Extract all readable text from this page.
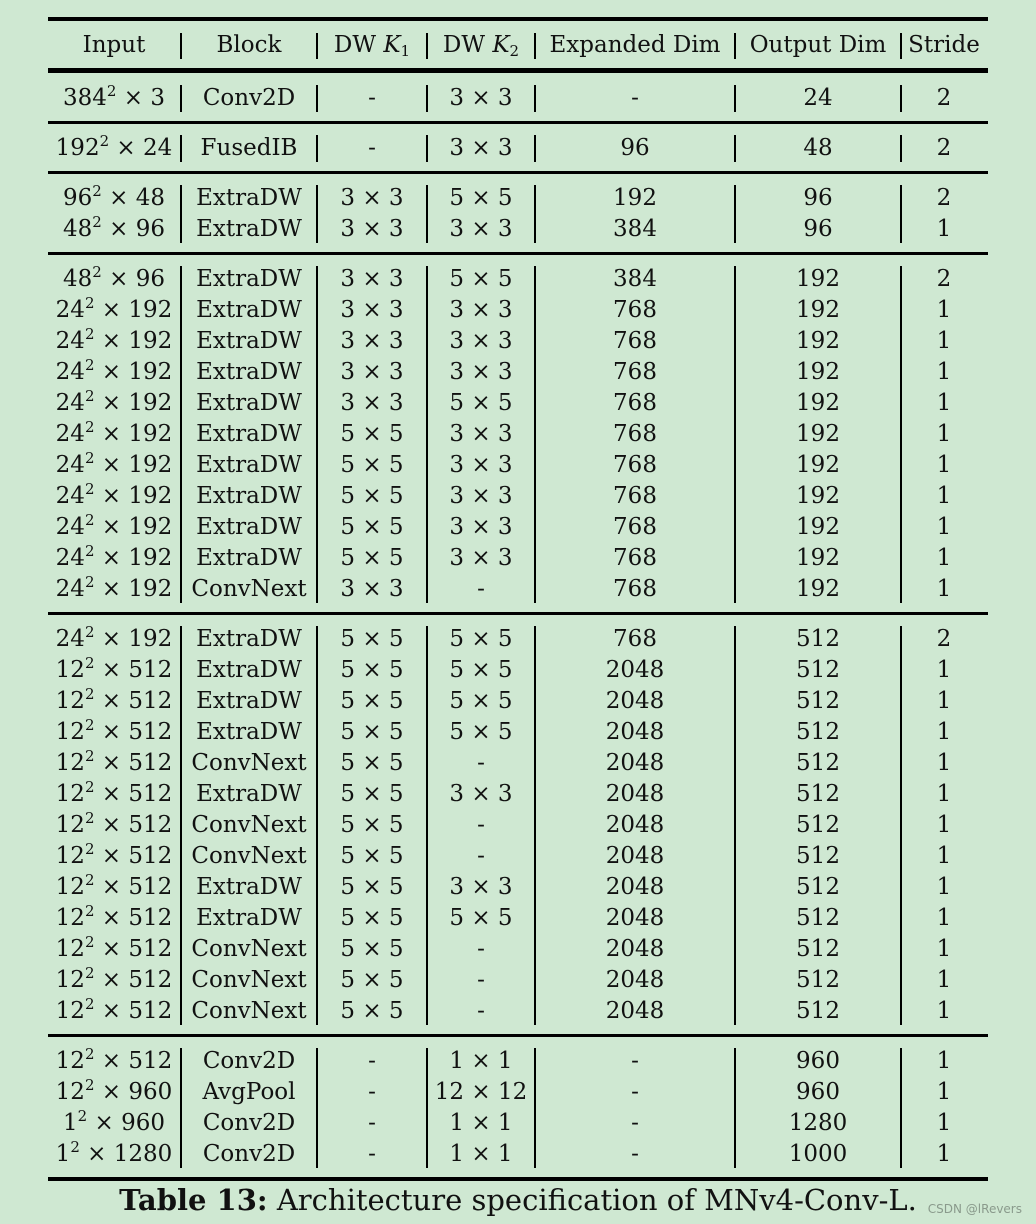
Input	Block	DW $K_1$	DW $K_2$	Expanded Dim	Output Dim Stride
$384^2 \times 3$	Conv2D	-	3 × 3	-	24	2
$192^2 \times 24$	FusedIB	-	3 × 3	96	48	2
$96^2 \times 48$	ExtraDW	3 × 3	5 × 5	192	96	2
$48^2 \times 96$	ExtraDW	3 × 3	3 × 3	384	96	1
$48^2 \times 96$	ExtraDW	3 × 3	5 × 5	384	192	2
$24^2 \times 192$	ExtraDW	3 × 3	3 × 3	768	192	1
$24^2 \times 192$	ExtraDW	3 × 3	3 × 3	768	192	1
$24^2 \times 192$	ExtraDW	3 × 3	3 × 3	768	192	1
$24^2 \times 192$	ExtraDW	3 × 3	5 × 5	768	192	1
$24^2 \times 192$	ExtraDW	5 × 5	3 × 3	768	192	1
$24^2 \times 192$	ExtraDW	5 × 5	3 × 3	768	192	1
$24^2 \times 192$	ExtraDW	5 × 5	3 × 3	768	192	1
$24^2 \times 192$	ExtraDW	5 × 5	3 × 3	768	192	1
$24^2 \times 192$	ExtraDW	5 × 5	3 × 3	768	192	1
$24^2 \times 192$ ConvNext	3 × 3	-	768	192	1
$24^2 \times 192$	ExtraDW	5 × 5	5 × 5	768	512	2
$12^2 \times 512$	ExtraDW	5 × 5	5 × 5	2048	512	1
$12^2 \times 512$	ExtraDW	5 × 5	5 × 5	2048	512	1
$12^2 \times 512$	ExtraDW	5 × 5	5 × 5	2048	512	1
$12^2 \times 512$ ConvNext	5 × 5	-	2048	512	1
$12^2 \times 512$	ExtraDW	5 × 5	3 × 3	2048	512	1
$12^2 \times 512$ ConvNext	5 × 5	-	2048	512	1
$12^2 \times 512$ ConvNext	5 × 5	-	2048	512	1
$12^2 \times 512$	ExtraDW	5 × 5	3 × 3	2048	512	1
$12^2 \times 512$	ExtraDW	5 × 5	5 × 5	2048	512	1
$12^2 \times 512$ ConvNext	5 × 5	-	2048	512	1
$12^2 \times 512$ ConvNext	5 × 5	-	2048	512	1
$12^2 \times 512$ ConvNext	5 × 5	-	2048	512	1
$12^2 \times 512$	Conv2D	-	1 × 1	-	960	1
$12^2 \times 960$	AvgPool	-	12 × 12	-	960	1
$1^2 \times 960$	Conv2D	-	1 × 1	-	1280	1
$1^2 \times 1280$	Conv2D	-	1 × 1	-	1000	1
Table 13: Architecture specification of MNv4-Conv-L. CSDN @lRevers
